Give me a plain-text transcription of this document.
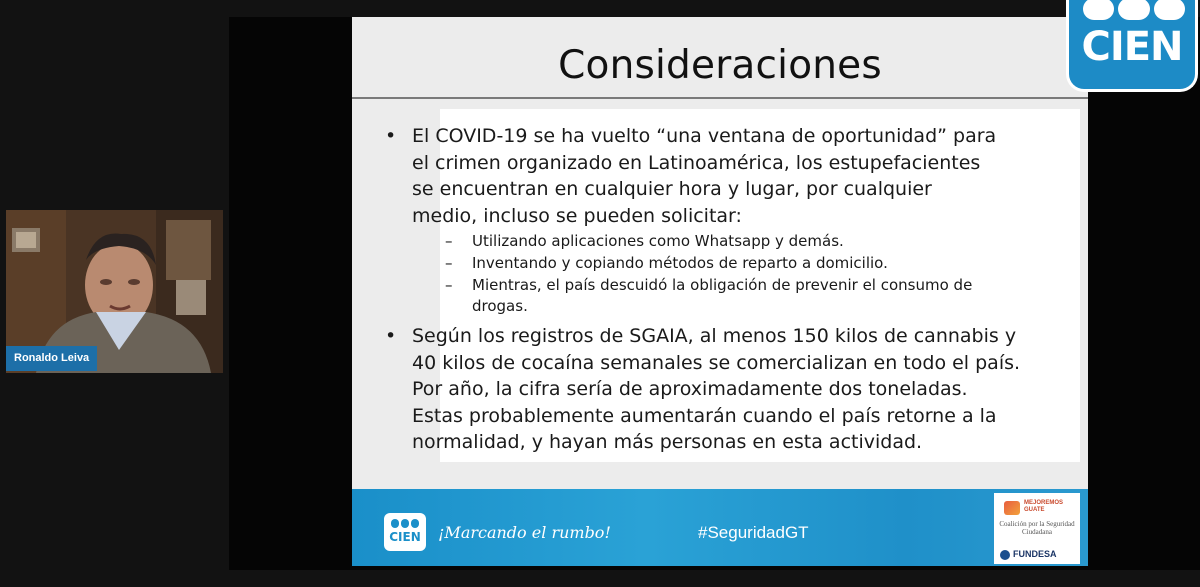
Consideraciones
• El COVID-19 se ha vuelto “una ventana de oportunidad” para el crimen organizado en Latinoamérica, los estupefacientes se encuentran en cualquier hora y lugar, por cualquier medio, incluso se pueden solicitar:
– Utilizando aplicaciones como Whatsapp y demás.
– Inventando y copiando métodos de reparto a domicilio.
– Mientras, el país descuidó la obligación de prevenir el consumo de drogas.
• Según los registros de SGAIA, al menos 150 kilos de cannabis y 40 kilos de cocaína semanales se comercializan en todo el país. Por año, la cifra sería de aproximadamente dos toneladas. Estas probablemente aumentarán cuando el país retorne a la normalidad, y hayan más personas en esta actividad.
CIEN	¡Marcando el rumbo!	#SeguridadGT
MEJOREMOS GUATE
Coalición por la Seguridad Ciudadana
FUNDESA
CIEN
Ronaldo Leiva
